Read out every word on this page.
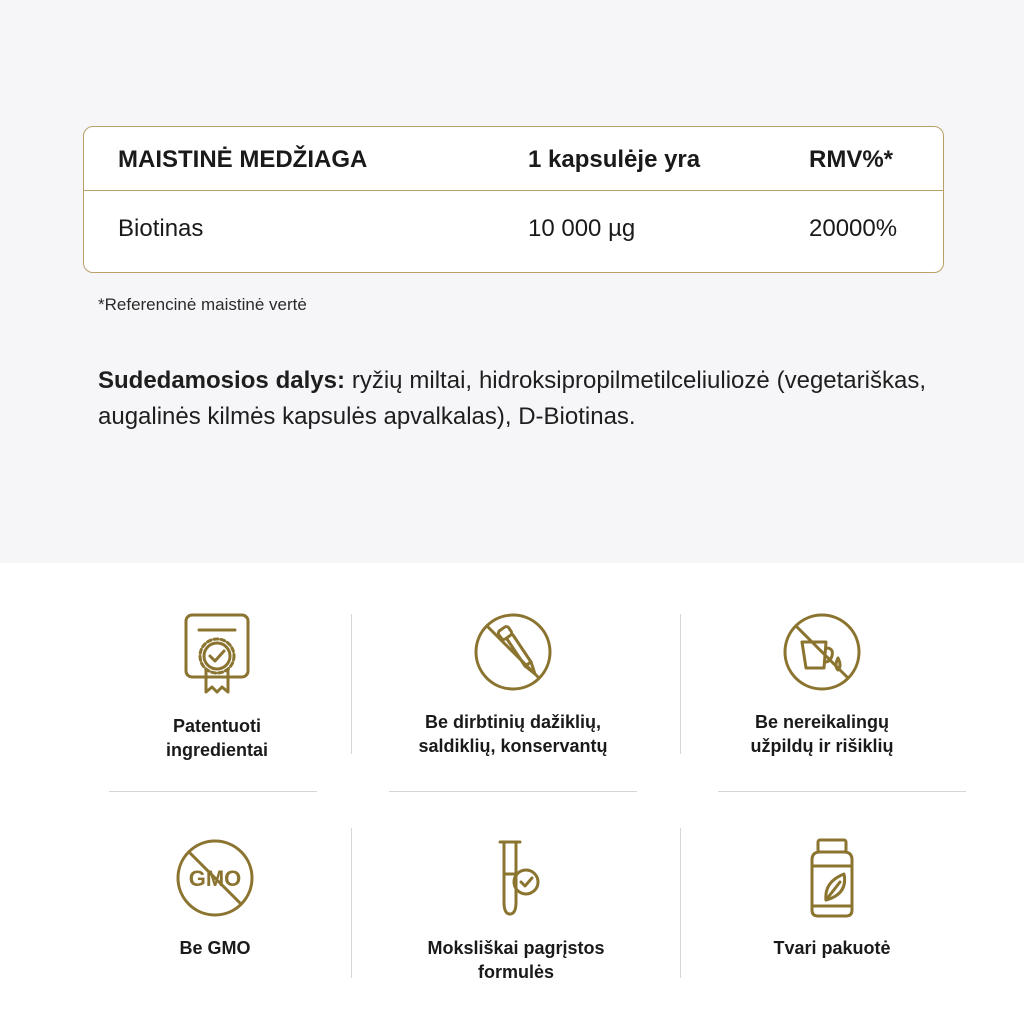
MAISTINĖ MEDŽIAGA	1 kapsulėje yra	RMV%*
Biotinas	10 000 µg	20000%
*Referencinė maistinė vertė

Sudedamosios dalys: ryžių miltai, hidroksipropilmetilceliuliozė (vegetariškas, augalinės kilmės kapsulės apvalkalas), D-Biotinas.

Patentuoti
ingredientai
Be dirbtinių dažiklių,
saldiklių, konservantų
Be nereikalingų
užpildų ir rišiklių
GMO
Be GMO	Moksliškai pagrįstos
formulės
Tvari pakuotė
